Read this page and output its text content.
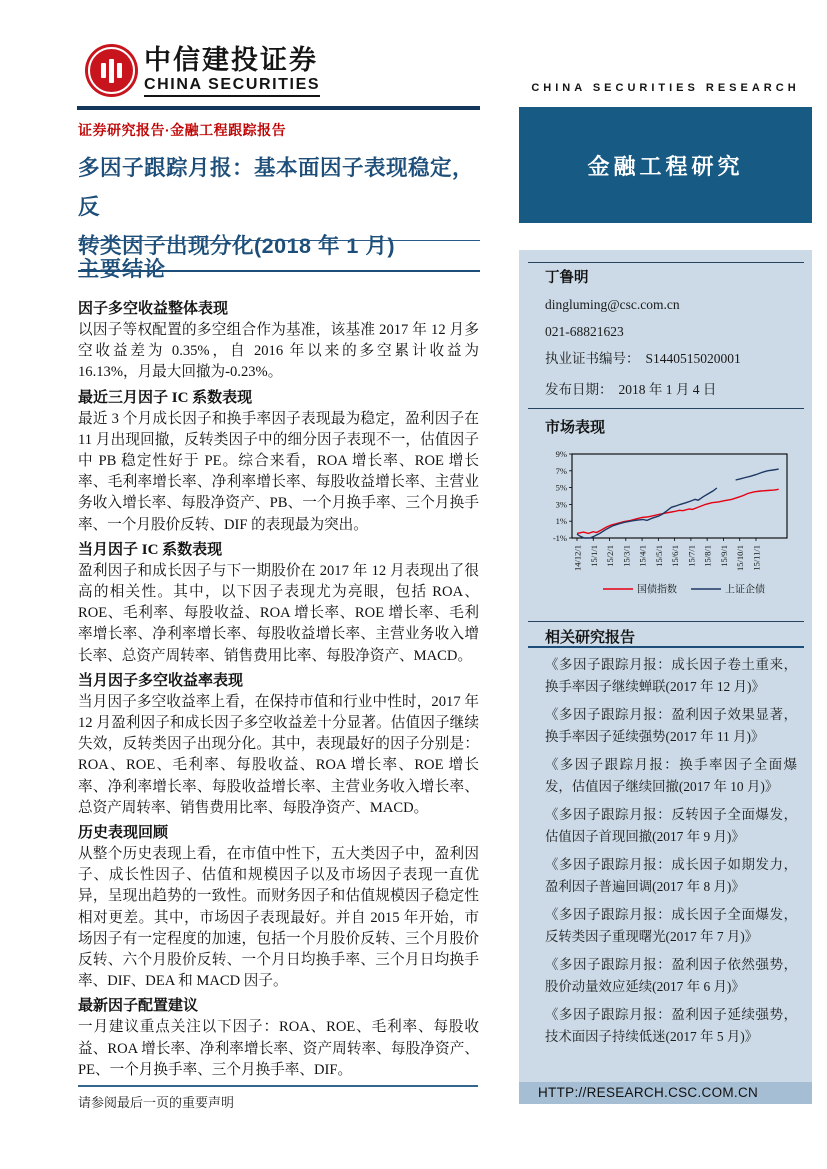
中信建投证券
CHINA SECURITIES
证券研究报告·金融工程跟踪报告
多因子跟踪月报：基本面因子表现稳定，反
转类因子出现分化(2018 年 1 月)
主要结论
因子多空收益整体表现

以因子等权配置的多空组合作为基准，该基准 2017 年 12 月多空收益差为 0.35%，自 2016 年以来的多空累计收益为 16.13%，月最大回撤为-0.23%。

最近三月因子 IC 系数表现

最近 3 个月成长因子和换手率因子表现最为稳定，盈利因子在 11 月出现回撤，反转类因子中的细分因子表现不一，估值因子中 PB 稳定性好于 PE。综合来看，ROA 增长率、ROE 增长率、毛利率增长率、净利率增长率、每股收益增长率、主营业务收入增长率、每股净资产、PB、一个月换手率、三个月换手率、一个月股价反转、DIF 的表现最为突出。

当月因子 IC 系数表现

盈利因子和成长因子与下一期股价在 2017 年 12 月表现出了很高的相关性。其中，以下因子表现尤为亮眼，包括 ROA、ROE、毛利率、每股收益、ROA 增长率、ROE 增长率、毛利率增长率、净利率增长率、每股收益增长率、主营业务收入增长率、总资产周转率、销售费用比率、每股净资产、MACD。

当月因子多空收益率表现

当月因子多空收益率上看，在保持市值和行业中性时，2017 年 12 月盈利因子和成长因子多空收益差十分显著。估值因子继续失效，反转类因子出现分化。其中，表现最好的因子分别是：ROA、ROE、毛利率、每股收益、ROA 增长率、ROE 增长率、净利率增长率、每股收益增长率、主营业务收入增长率、总资产周转率、销售费用比率、每股净资产、MACD。

历史表现回顾

从整个历史表现上看，在市值中性下，五大类因子中，盈利因子、成长性因子、估值和规模因子以及市场因子表现一直优异，呈现出趋势的一致性。而财务因子和估值规模因子稳定性相对更差。其中，市场因子表现最好。并自 2015 年开始，市场因子有一定程度的加速，包括一个月股价反转、三个月股价反转、六个月股价反转、一个月日均换手率、三个月日均换手率、DIF、DEA 和 MACD 因子。

最新因子配置建议

一月建议重点关注以下因子：ROA、ROE、毛利率、每股收益、ROA 增长率、净利率增长率、资产周转率、每股净资产、PE、一个月换手率、三个月换手率、DIF。

请参阅最后一页的重要声明
CHINA SECURITIES RESEARCH
金融工程研究
丁鲁明
dingluming@csc.com.cn
021-68821623
执业证书编号： S1440515020001
发布日期： 2018 年 1 月 4 日
市场表现
9%
7%
5%
3%
1%
-1%
14/12/1 15/1/1 15/2/1 15/3/1 15/4/1 15/5/1 15/6/1 15/7/1 15/8/1 15/9/1 15/10/1 15/11/1
国债指数	上证企债
相关研究报告
《多因子跟踪月报：成长因子卷土重来，换手率因子继续蝉联(2017 年 12 月)》
《多因子跟踪月报：盈利因子效果显著，换手率因子延续强势(2017 年 11 月)》
《多因子跟踪月报：换手率因子全面爆发，估值因子继续回撤(2017 年 10 月)》
《多因子跟踪月报：反转因子全面爆发，估值因子首现回撤(2017 年 9 月)》
《多因子跟踪月报：成长因子如期发力，盈利因子普遍回调(2017 年 8 月)》
《多因子跟踪月报：成长因子全面爆发，反转类因子重现曙光(2017 年 7 月)》
《多因子跟踪月报：盈利因子依然强势，股价动量效应延续(2017 年 6 月)》
《多因子跟踪月报：盈利因子延续强势，技术面因子持续低迷(2017 年 5 月)》
HTTP://RESEARCH.CSC.COM.CN
